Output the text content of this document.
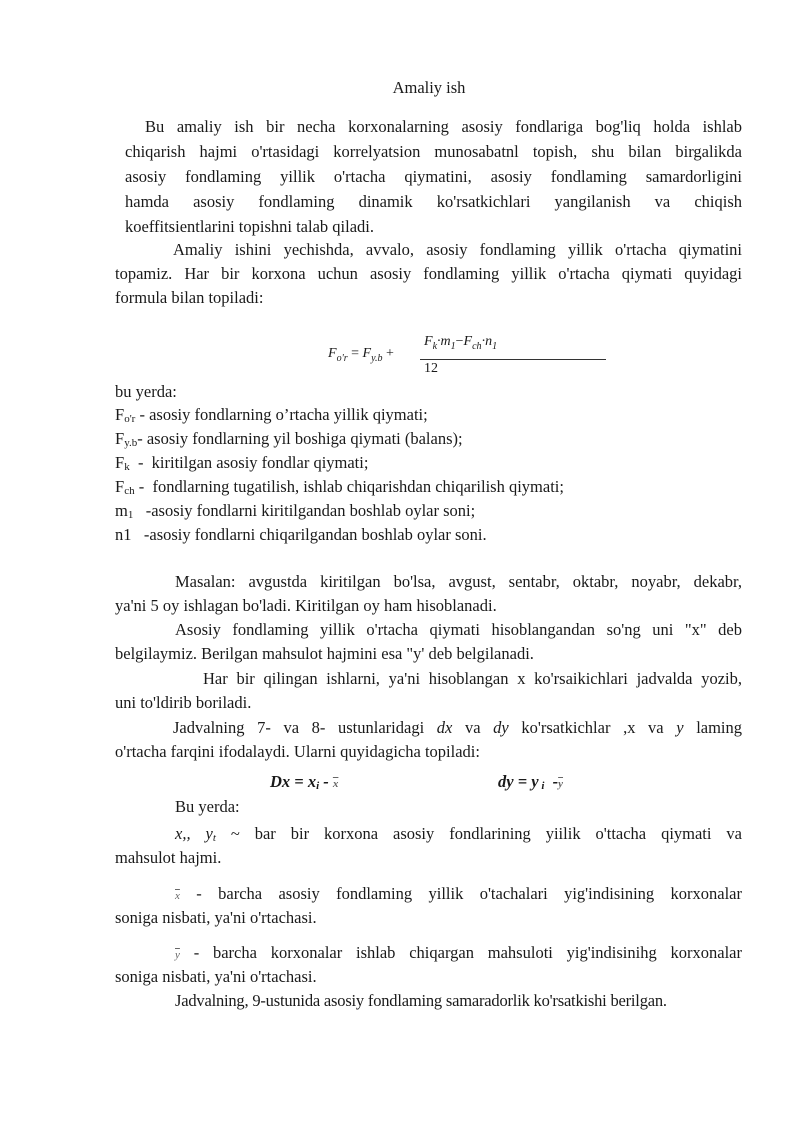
Amaliy ish
Bu amaliy ish bir necha korxonalarning asosiy fondlariga bog'liq holda ishlab
chiqarish hajmi o'rtasidagi korrelyatsion munosabatnl topish, shu bilan birgalikda
asosiy fondlaming yillik o'rtacha qiymatini, asosiy fondlaming samardorligini
hamda asosiy fondlaming dinamik ko'rsatkichlari yangilanish va chiqish
koeffitsientlarini topishni talab qiladi.
Amaliy ishini yechishda, avvalo, asosiy fondlaming yillik o'rtacha qiymatini
topamiz. Har bir korxona uchun asosiy fondlaming yillik o'rtacha qiymati quyidagi
formula bilan topiladi:
$F_{o'r} = F_{y.b}$ +
$F_k\cdot m_1-F_{ch}\cdot n_1$
12
bu yerda:
Fo'r - asosiy fondlarning o’rtacha yillik qiymati;
Fy.b- asosiy fondlarning yil boshiga qiymati (balans);
Fk  -  kiritilgan asosiy fondlar qiymati;
Fch -  fondlarning tugatilish, ishlab chiqarishdan chiqarilish qiymati;
m1   -asosiy fondlarni kiritilgandan boshlab oylar soni;
n1   -asosiy fondlarni chiqarilgandan boshlab oylar soni.
Masalan: avgustda kiritilgan bo'lsa, avgust, sentabr, oktabr, noyabr, dekabr,
ya'ni 5 oy ishlagan bo'ladi. Kiritilgan oy ham hisoblanadi.
Asosiy fondlaming yillik o'rtacha qiymati hisoblangandan so'ng uni "x" deb
belgilaymiz. Berilgan mahsulot hajmini esa "y' deb belgilanadi.
Har bir qilingan ishlarni, ya'ni hisoblangan x ko'rsaikichlari jadvalda yozib,
uni to'ldirib boriladi.
Jadvalning 7- va 8- ustunlaridagi dx va dy ko'rsatkichlar ,x va y laming
o'rtacha farqini ifodalaydi. Ularni quyidagicha topiladi:
Dx = xi - $\overline{x}$	dy = y i  $-\overline{y}$
Bu yerda:
x,, yt ~ bar bir korxona asosiy fondlarining yiilik o'ttacha qiymati va
mahsulot hajmi.
$\overline{x}$ - barcha asosiy fondlaming yillik o'tachalari yig'indisining korxonalar
soniga nisbati, ya'ni o'rtachasi.
$\overline{y}$ - barcha korxonalar ishlab chiqargan mahsuloti yig'indisinihg korxonalar
soniga nisbati, ya'ni o'rtachasi.
Jadvalning, 9-ustunida asosiy fondlaming samaradorlik ko'rsatkishi berilgan.
